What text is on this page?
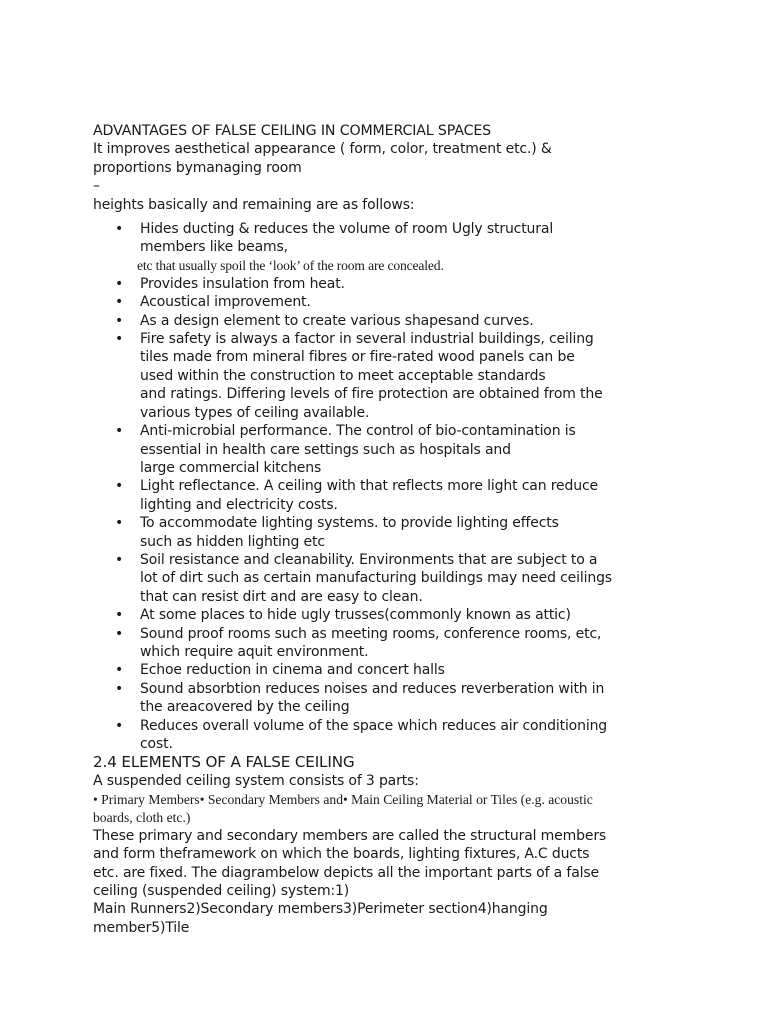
ADVANTAGES OF FALSE CEILING IN COMMERCIAL SPACES

It improves aesthetical appearance ( form, color, treatment etc.) &

proportions bymanaging room

–

heights basically and remaining are as follows:

• Hides ducting & reduces the volume of room Ugly structural
members like beams,
etc that usually spoil the ‘look’ of the room are concealed.
• Provides insulation from heat.
• Acoustical improvement.
• As a design element to create various shapesand curves.
• Fire safety is always a factor in several industrial buildings, ceiling
tiles made from mineral fibres or fire-rated wood panels can be
used within the construction to meet acceptable standards
and ratings. Differing levels of fire protection are obtained from the
various types of ceiling available.
• Anti-microbial performance. The control of bio-contamination is
essential in health care settings such as hospitals and
large commercial kitchens
• Light reflectance. A ceiling with that reflects more light can reduce
lighting and electricity costs.
• To accommodate lighting systems. to provide lighting effects
such as hidden lighting etc
• Soil resistance and cleanability. Environments that are subject to a
lot of dirt such as certain manufacturing buildings may need ceilings
that can resist dirt and are easy to clean.
• At some places to hide ugly trusses(commonly known as attic)
• Sound proof rooms such as meeting rooms, conference rooms, etc,
which require aquit environment.
• Echoe reduction in cinema and concert halls
• Sound absorbtion reduces noises and reduces reverberation with in
the areacovered by the ceiling
• Reduces overall volume of the space which reduces air conditioning
cost.

2.4 ELEMENTS OF A FALSE CEILING

A suspended ceiling system consists of 3 parts:

• Primary Members• Secondary Members and• Main Ceiling Material or Tiles (e.g. acoustic

boards, cloth etc.)

These primary and secondary members are called the structural members
and form theframework on which the boards, lighting fixtures, A.C ducts
etc. are fixed. The diagrambelow depicts all the important parts of a false
ceiling (suspended ceiling) system:1)
Main Runners2)Secondary members3)Perimeter section4)hanging
member5)Tile
